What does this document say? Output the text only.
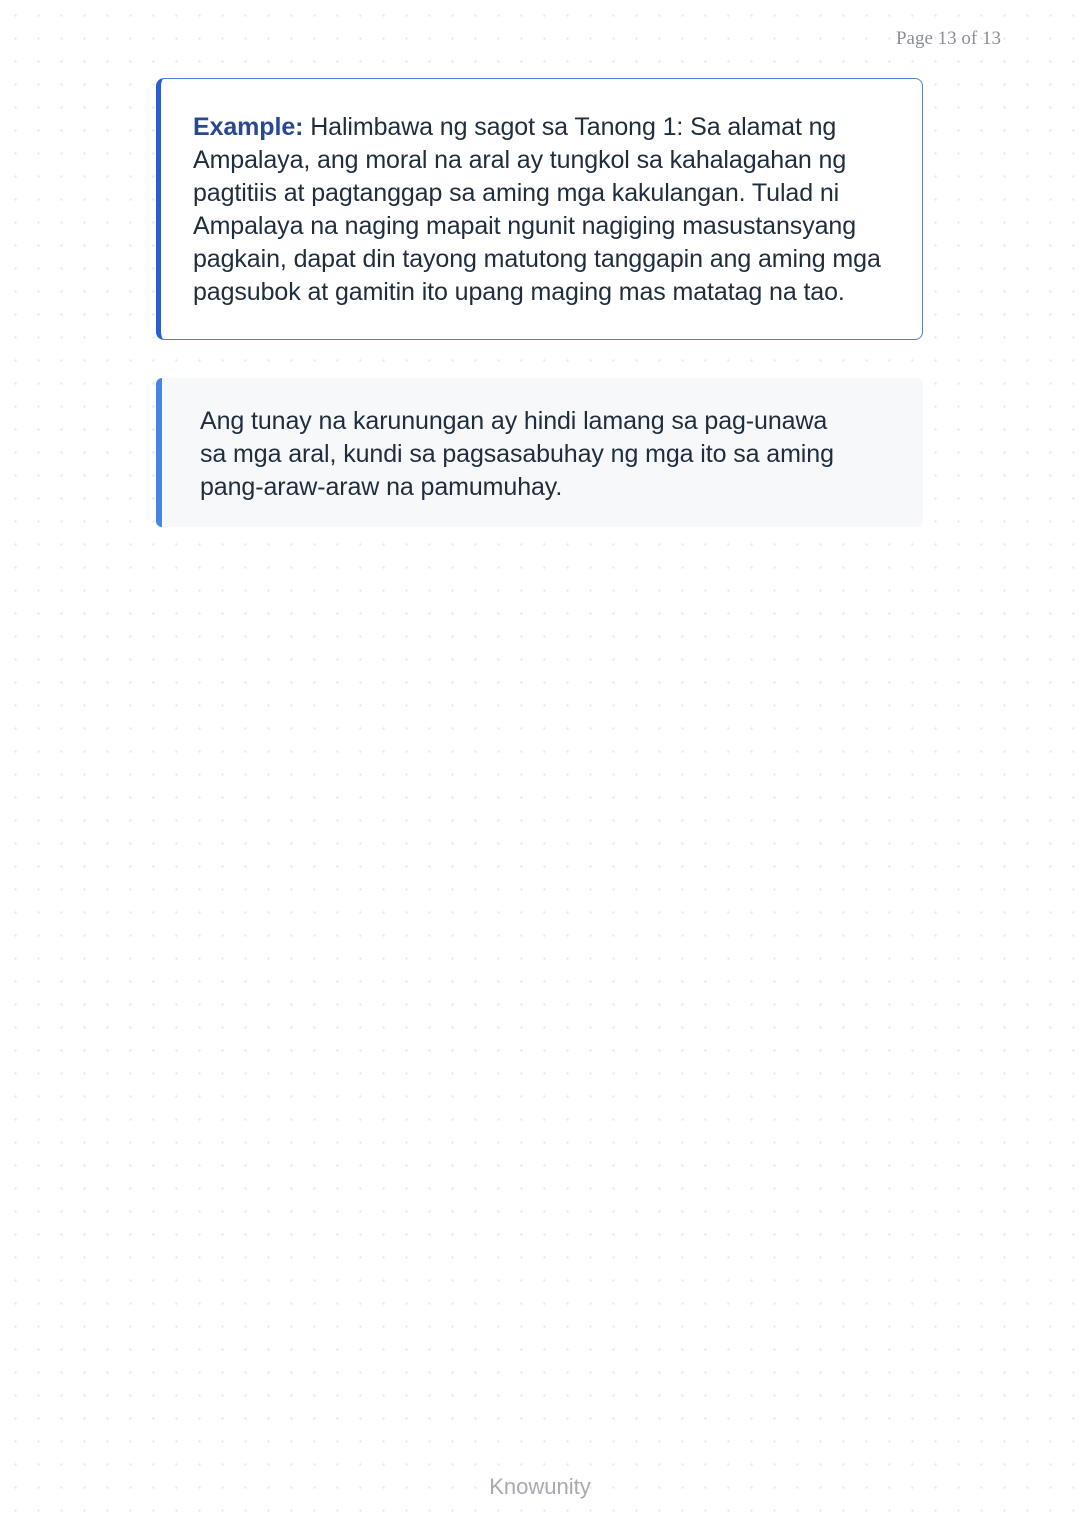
Page 13 of 13

Example: Halimbawa ng sagot sa Tanong 1: Sa alamat ng Ampalaya, ang moral na aral ay tungkol sa kahalagahan ng pagtitiis at pagtanggap sa aming mga kakulangan. Tulad ni Ampalaya na naging mapait ngunit nagiging masustansyang pagkain, dapat din tayong matutong tanggapin ang aming mga pagsubok at gamitin ito upang maging mas matatag na tao.

Ang tunay na karunungan ay hindi lamang sa pag-unawa sa mga aral, kundi sa pagsasabuhay ng mga ito sa aming pang-araw-araw na pamumuhay.

Knowunity
